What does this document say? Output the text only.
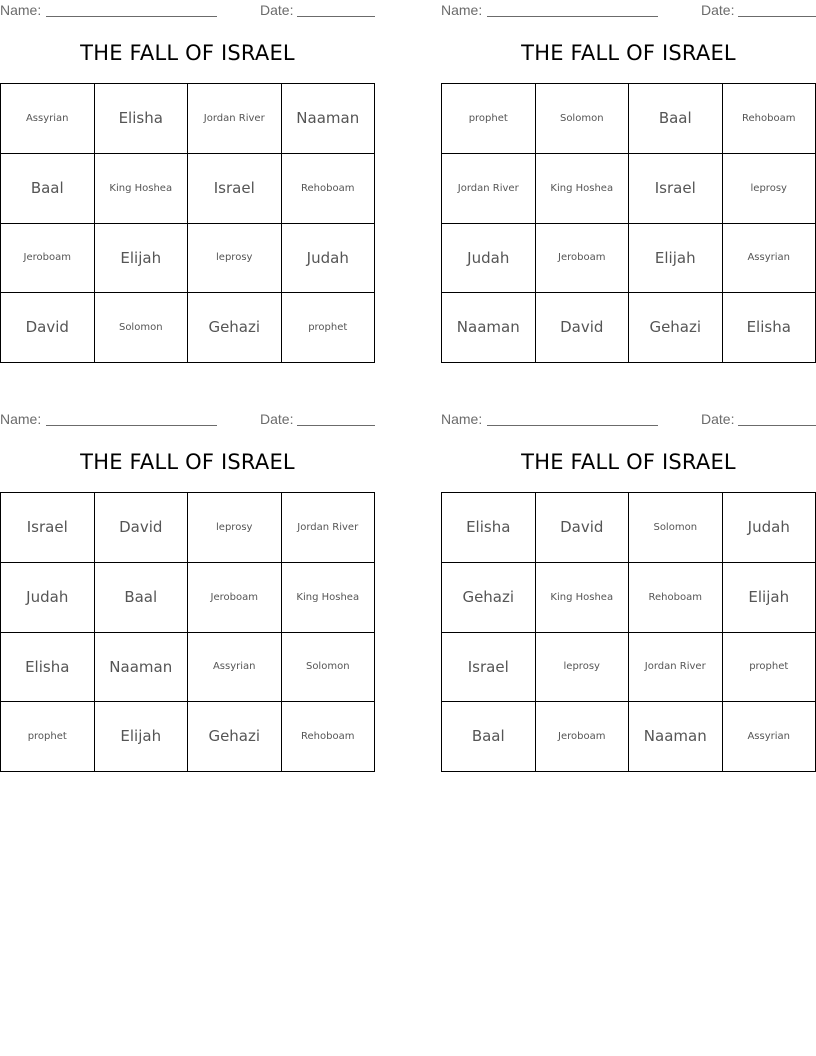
Name:	Date:
THE FALL OF ISRAEL
Assyrian	Elisha	Jordan River	Naaman
Baal	King Hoshea	Israel	Rehoboam
Jeroboam	Elijah	leprosy	Judah
David	Solomon	Gehazi	prophet
Name:	Date:
THE FALL OF ISRAEL
prophet	Solomon	Baal	Rehoboam
Jordan River	King Hoshea	Israel	leprosy
Judah	Jeroboam	Elijah	Assyrian
Naaman	David	Gehazi	Elisha
Name:	Date:
THE FALL OF ISRAEL
Israel	David	leprosy	Jordan River
Judah	Baal	Jeroboam	King Hoshea
Elisha	Naaman	Assyrian	Solomon
prophet	Elijah	Gehazi	Rehoboam
Name:	Date:
THE FALL OF ISRAEL
Elisha	David	Solomon	Judah
Gehazi	King Hoshea	Rehoboam	Elijah
Israel	leprosy	Jordan River	prophet
Baal	Jeroboam	Naaman	Assyrian
